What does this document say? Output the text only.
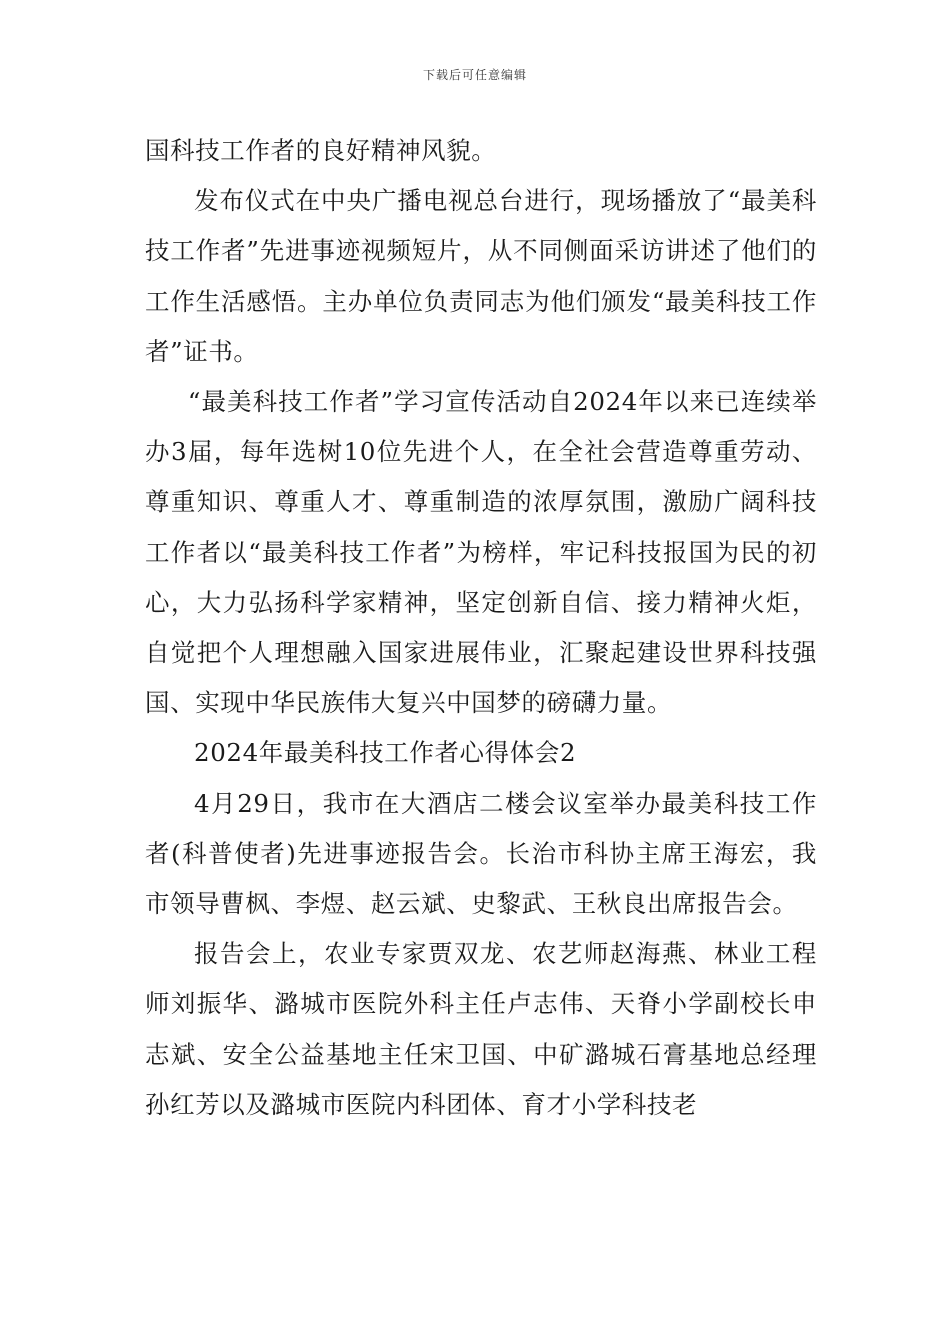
下载后可任意编辑

国科技工作者的良好精神风貌。

发布仪式在中央广播电视总台进行，现场播放了“最美科技工作者”先进事迹视频短片，从不同侧面采访讲述了他们的工作生活感悟。主办单位负责同志为他们颁发“最美科技工作者”证书。

“最美科技工作者”学习宣传活动自2024年以来已连续举办3届，每年选树10位先进个人，在全社会营造尊重劳动、尊重知识、尊重人才、尊重制造的浓厚氛围，激励广阔科技工作者以“最美科技工作者”为榜样，牢记科技报国为民的初心，大力弘扬科学家精神，坚定创新自信、接力精神火炬，自觉把个人理想融入国家进展伟业，汇聚起建设世界科技强国、实现中华民族伟大复兴中国梦的磅礴力量。

2024年最美科技工作者心得体会2

4月29日，我市在大酒店二楼会议室举办最美科技工作者(科普使者)先进事迹报告会。长治市科协主席王海宏，我市领导曹枫、李煜、赵云斌、史黎武、王秋良出席报告会。

报告会上，农业专家贾双龙、农艺师赵海燕、林业工程师刘振华、潞城市医院外科主任卢志伟、天脊小学副校长申志斌、安全公益基地主任宋卫国、中矿潞城石膏基地总经理孙红芳以及潞城市医院内科团体、育才小学科技老
